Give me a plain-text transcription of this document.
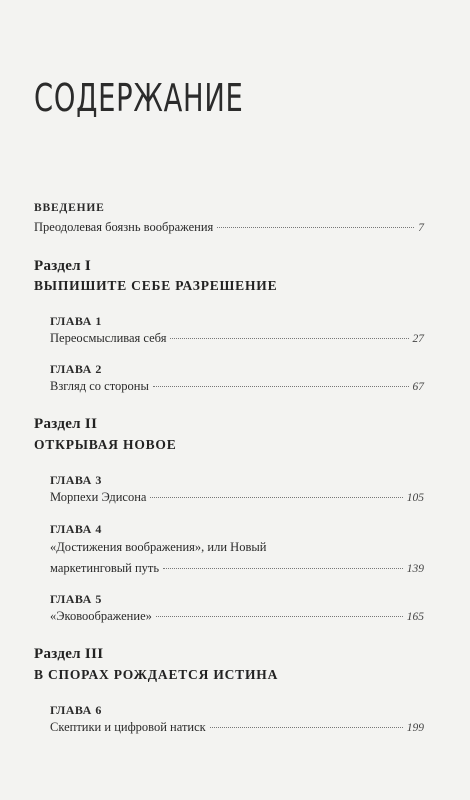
СОДЕРЖАНИЕ
ВВЕДЕНИЕ
Преодолевая боязнь воображения	7
Раздел I
ВЫПИШИТЕ СЕБЕ РАЗРЕШЕНИЕ
ГЛАВА 1
Переосмысливая себя	27
ГЛАВА 2
Взгляд со стороны	67
Раздел II
ОТКРЫВАЯ НОВОЕ
ГЛАВА 3
Морпехи Эдисона	105
ГЛАВА 4
«Достижения воображения», или Новый
маркетинговый путь	139
ГЛАВА 5
«Эковоображение»	165
Раздел III
В СПОРАХ РОЖДАЕТСЯ ИСТИНА
ГЛАВА 6
Скептики и цифровой натиск	199
